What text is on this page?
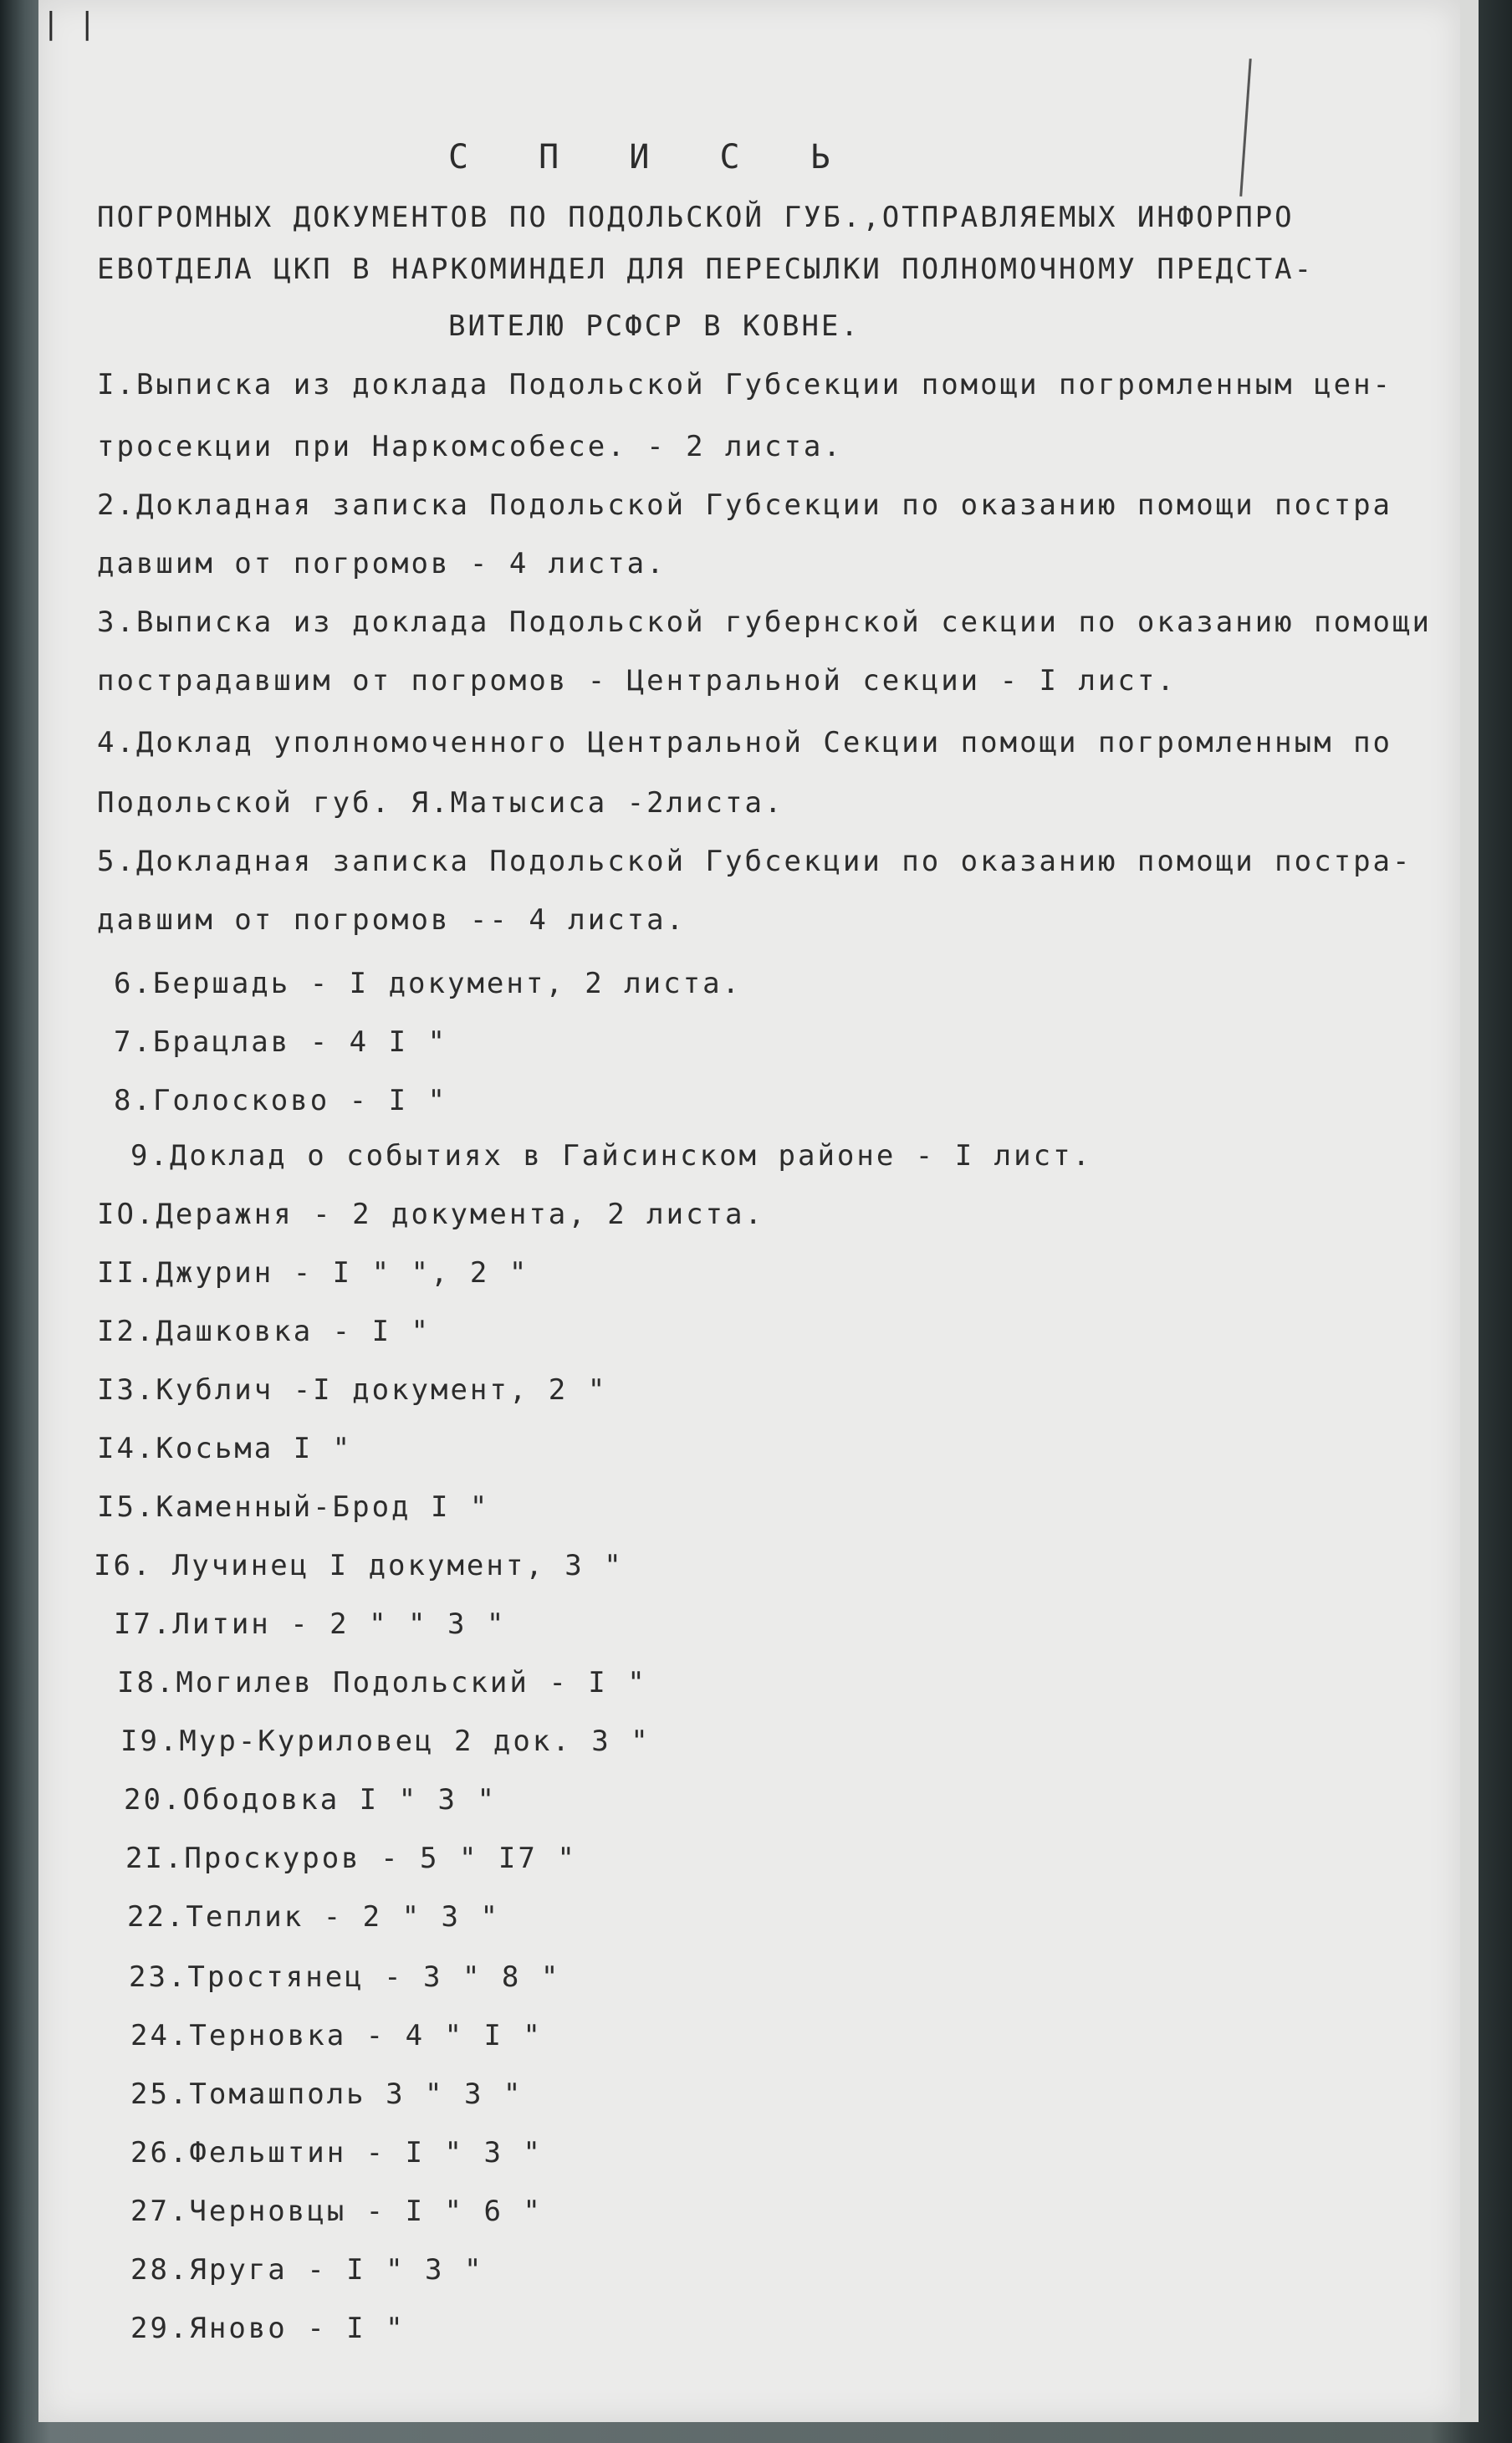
| |
С П И С Ь
ПОГРОМНЫХ ДОКУМЕНТОВ ПО ПОДОЛЬСКОЙ ГУБ.,ОТПРАВЛЯЕМЫХ ИНФОРПРО
ЕВОТДЕЛА ЦКП В НАРКОМИНДЕЛ ДЛЯ ПЕРЕСЫЛКИ ПОЛНОМОЧНОМУ ПРЕДСТА-
ВИТЕЛЮ РСФСР В КОВНЕ.
I.Выписка из доклада Подольской Губсекции помощи погромленным цен-
тросекции при Наркомсобесе. - 2 листа.
2.Докладная записка Подольской Губсекции по оказанию помощи постра
давшим от погромов - 4 листа.
3.Выписка из доклада Подольской губернской секции по оказанию помощи
пострадавшим от погромов - Центральной секции - I лист.
4.Доклад уполномоченного Центральной Секции помощи погромленным по
Подольской губ. Я.Матысиса -2листа.
5.Докладная записка Подольской Губсекции по оказанию помощи постра-
давшим от погромов -- 4 листа.
6.Бершадь - I документ, 2 листа.
7.Брацлав - 4 I "
8.Голосково - I "
9.Доклад о событиях в Гайсинском районе - I лист.
IO.Деражня - 2 документа, 2 листа.
II.Джурин - I " ", 2 "
I2.Дашковка - I "
I3.Кублич -I документ, 2 "
I4.Косьма I "
I5.Каменный-Брод I "
I6. Лучинец I документ, 3 "
I7.Литин - 2 " " 3 "
I8.Могилев Подольский - I "
I9.Мур-Куриловец 2 док. 3 "
20.Ободовка I " 3 "
2I.Проскуров - 5 " I7 "
22.Теплик - 2 " 3 "
23.Тростянец - 3 " 8 "
24.Терновка - 4 " I "
25.Томашполь 3 " 3 "
26.Фельштин - I " 3 "
27.Черновцы - I " 6 "
28.Яруга - I " 3 "
29.Яново - I "
